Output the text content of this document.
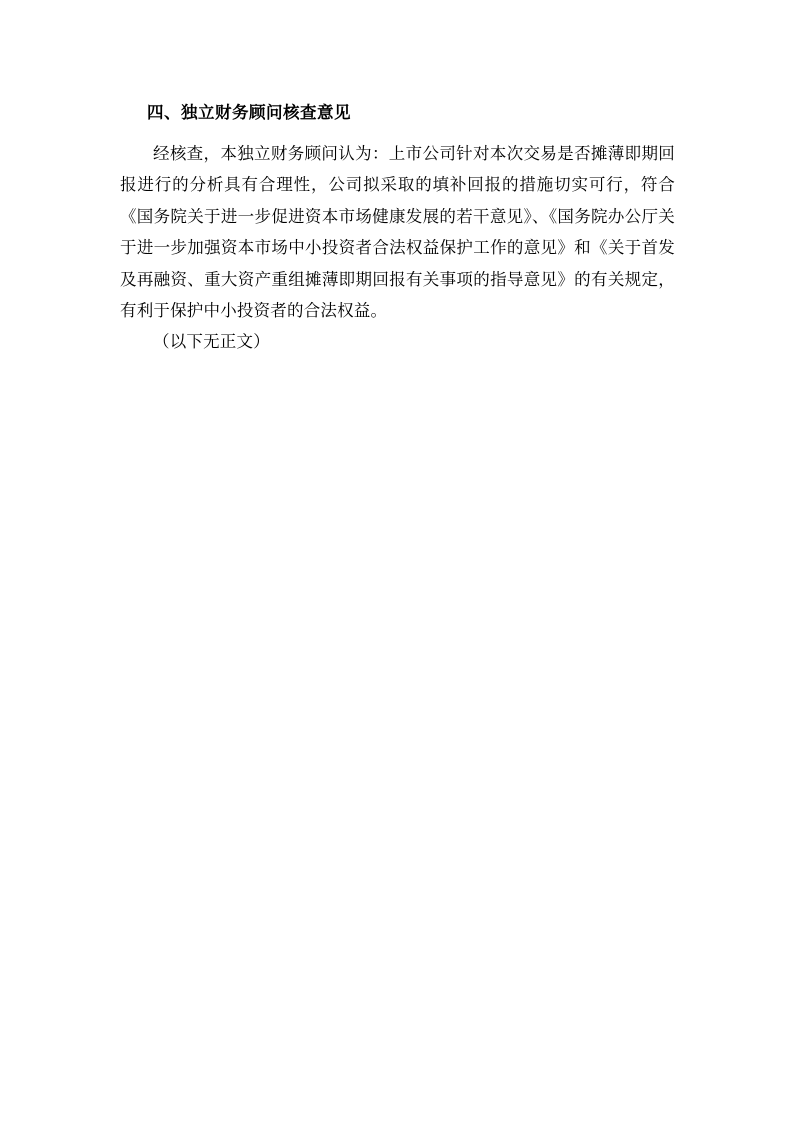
四、独立财务顾问核查意见

经核查，本独立财务顾问认为：上市公司针对本次交易是否摊薄即期回报进行的分析具有合理性，公司拟采取的填补回报的措施切实可行，符合《国务院关于进一步促进资本市场健康发展的若干意见》、《国务院办公厅关于进一步加强资本市场中小投资者合法权益保护工作的意见》和《关于首发及再融资、重大资产重组摊薄即期回报有关事项的指导意见》的有关规定，有利于保护中小投资者的合法权益。

（以下无正文）
